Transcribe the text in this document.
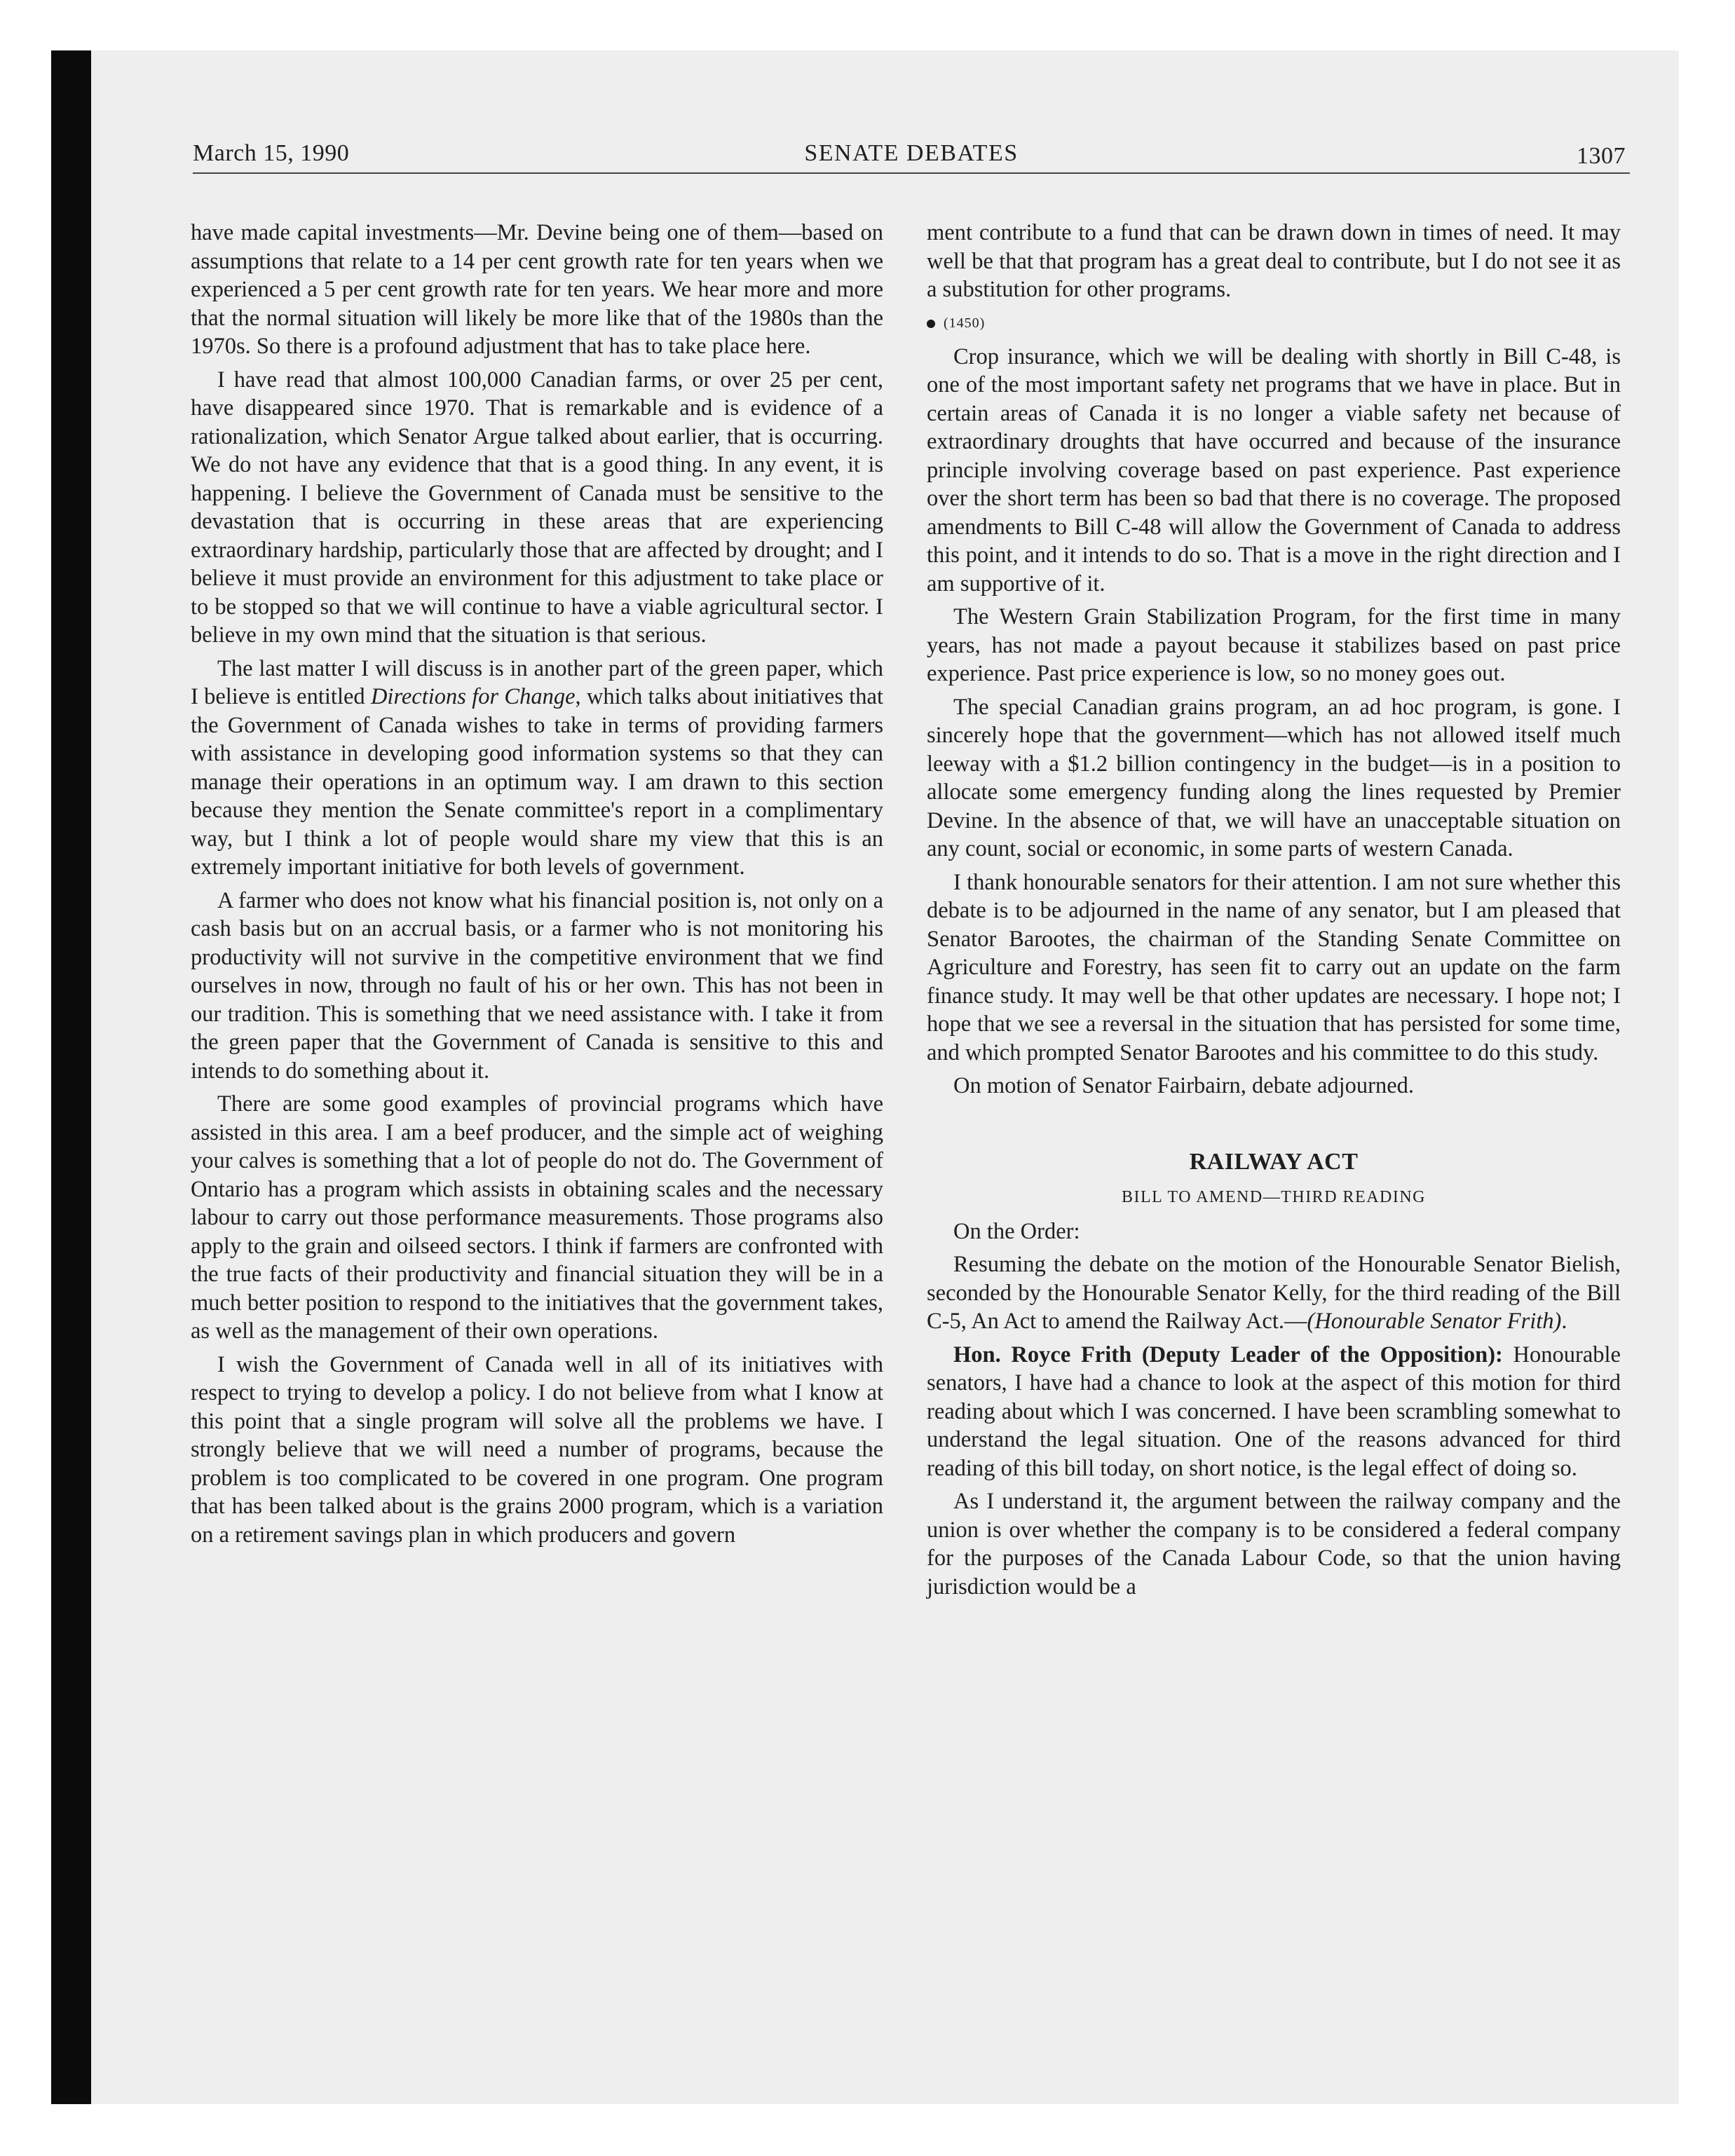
March 15, 1990	SENATE DEBATES	1307

have made capital investments—Mr. Devine being one of them—based on assumptions that relate to a 14 per cent growth rate for ten years when we experienced a 5 per cent growth rate for ten years. We hear more and more that the normal situation will likely be more like that of the 1980s than the 1970s. So there is a profound adjustment that has to take place here.

I have read that almost 100,000 Canadian farms, or over 25 per cent, have disappeared since 1970. That is remarkable and is evidence of a rationalization, which Senator Argue talked about earlier, that is occurring. We do not have any evidence that that is a good thing. In any event, it is happening. I believe the Government of Canada must be sensitive to the devastation that is occurring in these areas that are experiencing extraordinary hardship, particularly those that are affected by drought; and I believe it must provide an environment for this adjustment to take place or to be stopped so that we will continue to have a viable agricultural sector. I believe in my own mind that the situation is that serious.

The last matter I will discuss is in another part of the green paper, which I believe is entitled Directions for Change, which talks about initiatives that the Government of Canada wishes to take in terms of providing farmers with assistance in developing good information systems so that they can manage their operations in an optimum way. I am drawn to this section because they mention the Senate committee's report in a complimentary way, but I think a lot of people would share my view that this is an extremely important initiative for both levels of government.

A farmer who does not know what his financial position is, not only on a cash basis but on an accrual basis, or a farmer who is not monitoring his productivity will not survive in the competitive environment that we find ourselves in now, through no fault of his or her own. This has not been in our tradition. This is something that we need assistance with. I take it from the green paper that the Government of Canada is sensitive to this and intends to do something about it.

There are some good examples of provincial programs which have assisted in this area. I am a beef producer, and the simple act of weighing your calves is something that a lot of people do not do. The Government of Ontario has a program which assists in obtaining scales and the necessary labour to carry out those performance measurements. Those programs also apply to the grain and oilseed sectors. I think if farmers are confronted with the true facts of their productivity and financial situation they will be in a much better position to respond to the initiatives that the government takes, as well as the management of their own operations.

I wish the Government of Canada well in all of its initiatives with respect to trying to develop a policy. I do not believe from what I know at this point that a single program will solve all the problems we have. I strongly believe that we will need a number of programs, because the problem is too complicated to be covered in one program. One program that has been talked about is the grains 2000 program, which is a variation on a retirement savings plan in which producers and govern

ment contribute to a fund that can be drawn down in times of need. It may well be that that program has a great deal to contribute, but I do not see it as a substitution for other programs.

(1450)

Crop insurance, which we will be dealing with shortly in Bill C-48, is one of the most important safety net programs that we have in place. But in certain areas of Canada it is no longer a viable safety net because of extraordinary droughts that have occurred and because of the insurance principle involving coverage based on past experience. Past experience over the short term has been so bad that there is no coverage. The proposed amendments to Bill C-48 will allow the Government of Canada to address this point, and it intends to do so. That is a move in the right direction and I am supportive of it.

The Western Grain Stabilization Program, for the first time in many years, has not made a payout because it stabilizes based on past price experience. Past price experience is low, so no money goes out.

The special Canadian grains program, an ad hoc program, is gone. I sincerely hope that the government—which has not allowed itself much leeway with a $1.2 billion contingency in the budget—is in a position to allocate some emergency funding along the lines requested by Premier Devine. In the absence of that, we will have an unacceptable situation on any count, social or economic, in some parts of western Canada.

I thank honourable senators for their attention. I am not sure whether this debate is to be adjourned in the name of any senator, but I am pleased that Senator Barootes, the chairman of the Standing Senate Committee on Agriculture and Forestry, has seen fit to carry out an update on the farm finance study. It may well be that other updates are necessary. I hope not; I hope that we see a reversal in the situation that has persisted for some time, and which prompted Senator Barootes and his committee to do this study.

On motion of Senator Fairbairn, debate adjourned.

RAILWAY ACT
BILL TO AMEND—THIRD READING

On the Order:

Resuming the debate on the motion of the Honourable Senator Bielish, seconded by the Honourable Senator Kelly, for the third reading of the Bill C-5, An Act to amend the Railway Act.—(Honourable Senator Frith).

Hon. Royce Frith (Deputy Leader of the Opposition): Honourable senators, I have had a chance to look at the aspect of this motion for third reading about which I was concerned. I have been scrambling somewhat to understand the legal situation. One of the reasons advanced for third reading of this bill today, on short notice, is the legal effect of doing so.

As I understand it, the argument between the railway company and the union is over whether the company is to be considered a federal company for the purposes of the Canada Labour Code, so that the union having jurisdiction would be a
